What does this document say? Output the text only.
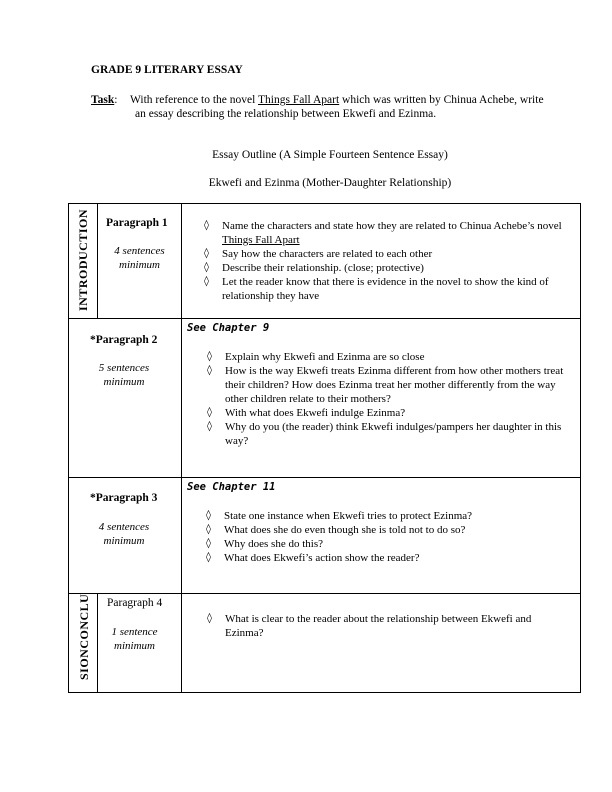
GRADE 9 LITERARY ESSAY
Task: With reference to the novel Things Fall Apart which was written by Chinua Achebe, write
an essay describing the relationship between Ekwefi and Ezinma.
Essay Outline (A Simple Fourteen Sentence Essay)
Ekwefi and Ezinma (Mother-Daughter Relationship)
INTRODUCTION Paragraph 1
4 sentences
minimum
◊ Name the characters and state how they are related to Chinua Achebe’s novel Things Fall Apart
◊ Say how the characters are related to each other
◊ Describe their relationship. (close; protective)
◊ Let the reader know that there is evidence in the novel to show the kind of relationship they have
*Paragraph 2
5 sentences
minimum
See Chapter 9
◊ Explain why Ekwefi and Ezinma are so close
◊ How is the way Ekwefi treats Ezinma different from how other mothers treat their children? How does Ezinma treat her mother differently from the way other children relate to their mothers?
◊ With what does Ekwefi indulge Ezinma?
◊ Why do you (the reader) think Ekwefi indulges/pampers her daughter in this way?
*Paragraph 3
4 sentences
minimum
See Chapter 11
◊ State one instance when Ekwefi tries to protect Ezinma?
◊ What does she do even though she is told not to do so?
◊ Why does she do this?
◊ What does Ekwefi’s action show the reader?
SIONCONCLU Paragraph 4
1 sentence
minimum
◊ What is clear to the reader about the relationship between Ekwefi and Ezinma?
